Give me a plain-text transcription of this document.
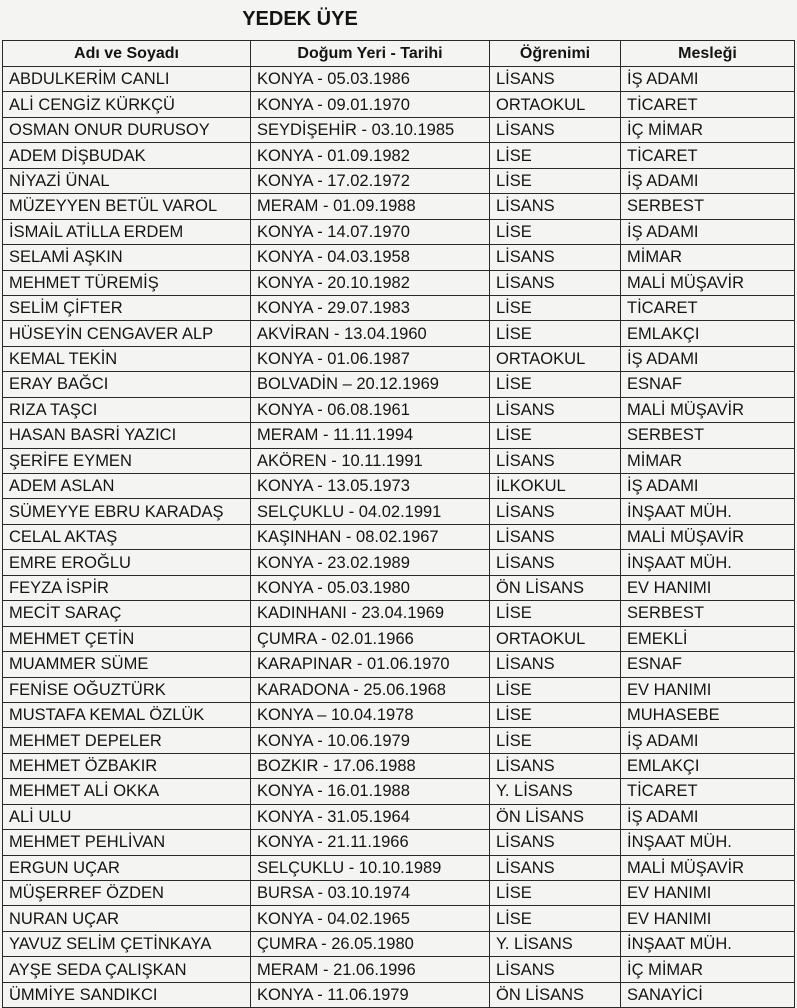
YEDEK ÜYE
Adı ve Soyadı	Doğum Yeri - Tarihi	Öğrenimi	Mesleği
ABDULKERİM CANLI	KONYA - 05.03.1986	LİSANS	İŞ ADAMI
ALİ CENGİZ KÜRKÇÜ	KONYA - 09.01.1970	ORTAOKUL	TİCARET
OSMAN ONUR DURUSOY	SEYDİŞEHİR - 03.10.1985	LİSANS	İÇ MİMAR
ADEM DİŞBUDAK	KONYA - 01.09.1982	LİSE	TİCARET
NİYAZİ ÜNAL	KONYA - 17.02.1972	LİSE	İŞ ADAMI
MÜZEYYEN BETÜL VAROL	MERAM - 01.09.1988	LİSANS	SERBEST
İSMAİL ATİLLA ERDEM	KONYA - 14.07.1970	LİSE	İŞ ADAMI
SELAMİ AŞKIN	KONYA - 04.03.1958	LİSANS	MİMAR
MEHMET TÜREMİŞ	KONYA - 20.10.1982	LİSANS	MALİ MÜŞAVİR
SELİM ÇİFTER	KONYA - 29.07.1983	LİSE	TİCARET
HÜSEYİN CENGAVER ALP	AKVİRAN - 13.04.1960	LİSE	EMLAKÇI
KEMAL TEKİN	KONYA - 01.06.1987	ORTAOKUL	İŞ ADAMI
ERAY BAĞCI	BOLVADİN – 20.12.1969	LİSE	ESNAF
RIZA TAŞCI	KONYA - 06.08.1961	LİSANS	MALİ MÜŞAVİR
HASAN BASRİ YAZICI	MERAM - 11.11.1994	LİSE	SERBEST
ŞERİFE EYMEN	AKÖREN - 10.11.1991	LİSANS	MİMAR
ADEM ASLAN	KONYA - 13.05.1973	İLKOKUL	İŞ ADAMI
SÜMEYYE EBRU KARADAŞ	SELÇUKLU - 04.02.1991	LİSANS	İNŞAAT MÜH.
CELAL AKTAŞ	KAŞINHAN - 08.02.1967	LİSANS	MALİ MÜŞAVİR
EMRE EROĞLU	KONYA - 23.02.1989	LİSANS	İNŞAAT MÜH.
FEYZA İSPİR	KONYA - 05.03.1980	ÖN LİSANS	EV HANIMI
MECİT SARAÇ	KADINHANI - 23.04.1969	LİSE	SERBEST
MEHMET ÇETİN	ÇUMRA - 02.01.1966	ORTAOKUL	EMEKLİ
MUAMMER SÜME	KARAPINAR - 01.06.1970	LİSANS	ESNAF
FENİSE OĞUZTÜRK	KARADONA - 25.06.1968	LİSE	EV HANIMI
MUSTAFA KEMAL ÖZLÜK	KONYA – 10.04.1978	LİSE	MUHASEBE
MEHMET DEPELER	KONYA - 10.06.1979	LİSE	İŞ ADAMI
MEHMET ÖZBAKIR	BOZKIR - 17.06.1988	LİSANS	EMLAKÇI
MEHMET ALİ OKKA	KONYA - 16.01.1988	Y. LİSANS	TİCARET
ALİ ULU	KONYA - 31.05.1964	ÖN LİSANS	İŞ ADAMI
MEHMET PEHLİVAN	KONYA - 21.11.1966	LİSANS	İNŞAAT MÜH.
ERGUN UÇAR	SELÇUKLU - 10.10.1989	LİSANS	MALİ MÜŞAVİR
MÜŞERREF ÖZDEN	BURSA - 03.10.1974	LİSE	EV HANIMI
NURAN UÇAR	KONYA - 04.02.1965	LİSE	EV HANIMI
YAVUZ SELİM ÇETİNKAYA	ÇUMRA - 26.05.1980	Y. LİSANS	İNŞAAT MÜH.
AYŞE SEDA ÇALIŞKAN	MERAM - 21.06.1996	LİSANS	İÇ MİMAR
ÜMMİYE SANDIKCI	KONYA - 11.06.1979	ÖN LİSANS	SANAYİCİ
